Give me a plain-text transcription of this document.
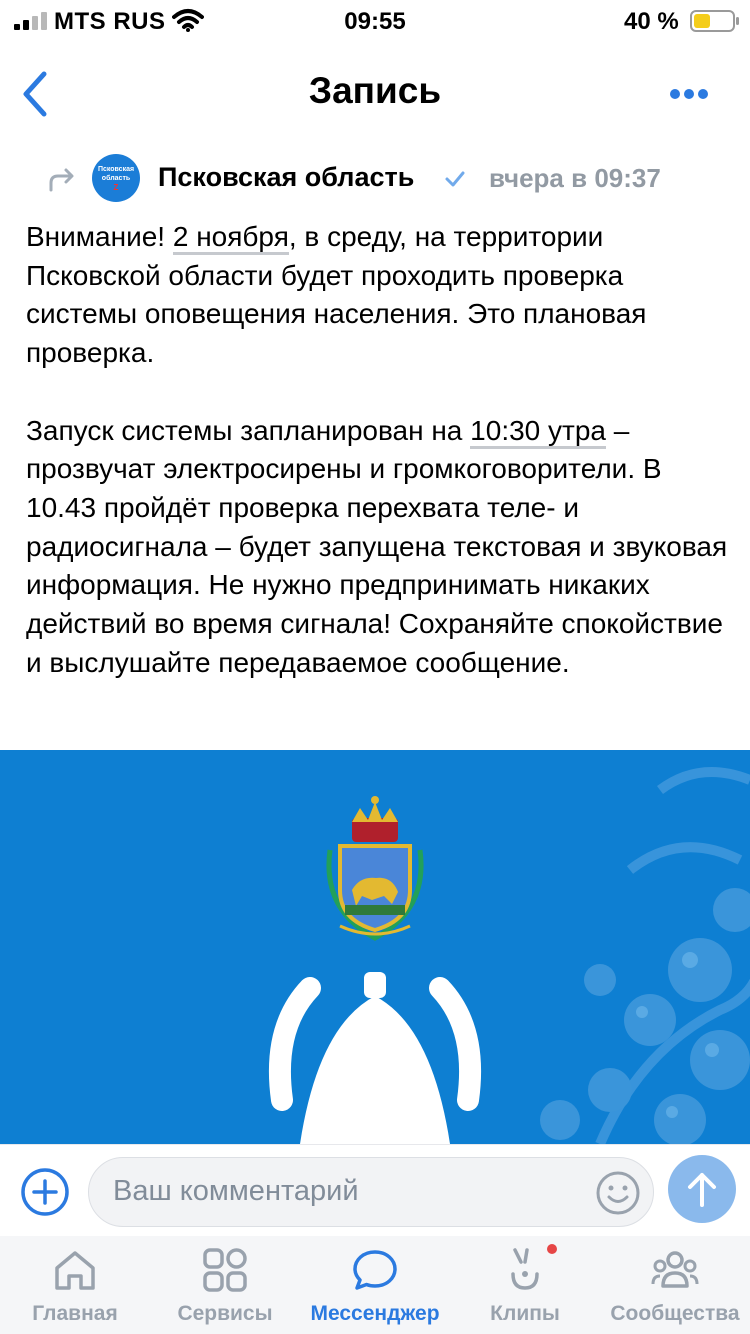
MTS RUS	09:55	40 %
Запись
Псковская
область
Z Псковская область	вчера в 09:37

Внимание! 2 ноября, в среду, на территории Псковской области будет проходить проверка системы оповещения населения. Это плановая проверка.

Запуск системы запланирован на 10:30 утра – прозвучат электросирены и громкоговорители. В 10.43 пройдёт проверка перехвата теле- и радиосигнала – будет запущена текстовая и звуковая информация. Не нужно предпринимать никаких действий во время сигнала! Сохраняйте спокойствие и выслушайте передаваемое сообщение.

Ваш комментарий
Главная	Сервисы	Мессенджер	Клипы	Сообщества
